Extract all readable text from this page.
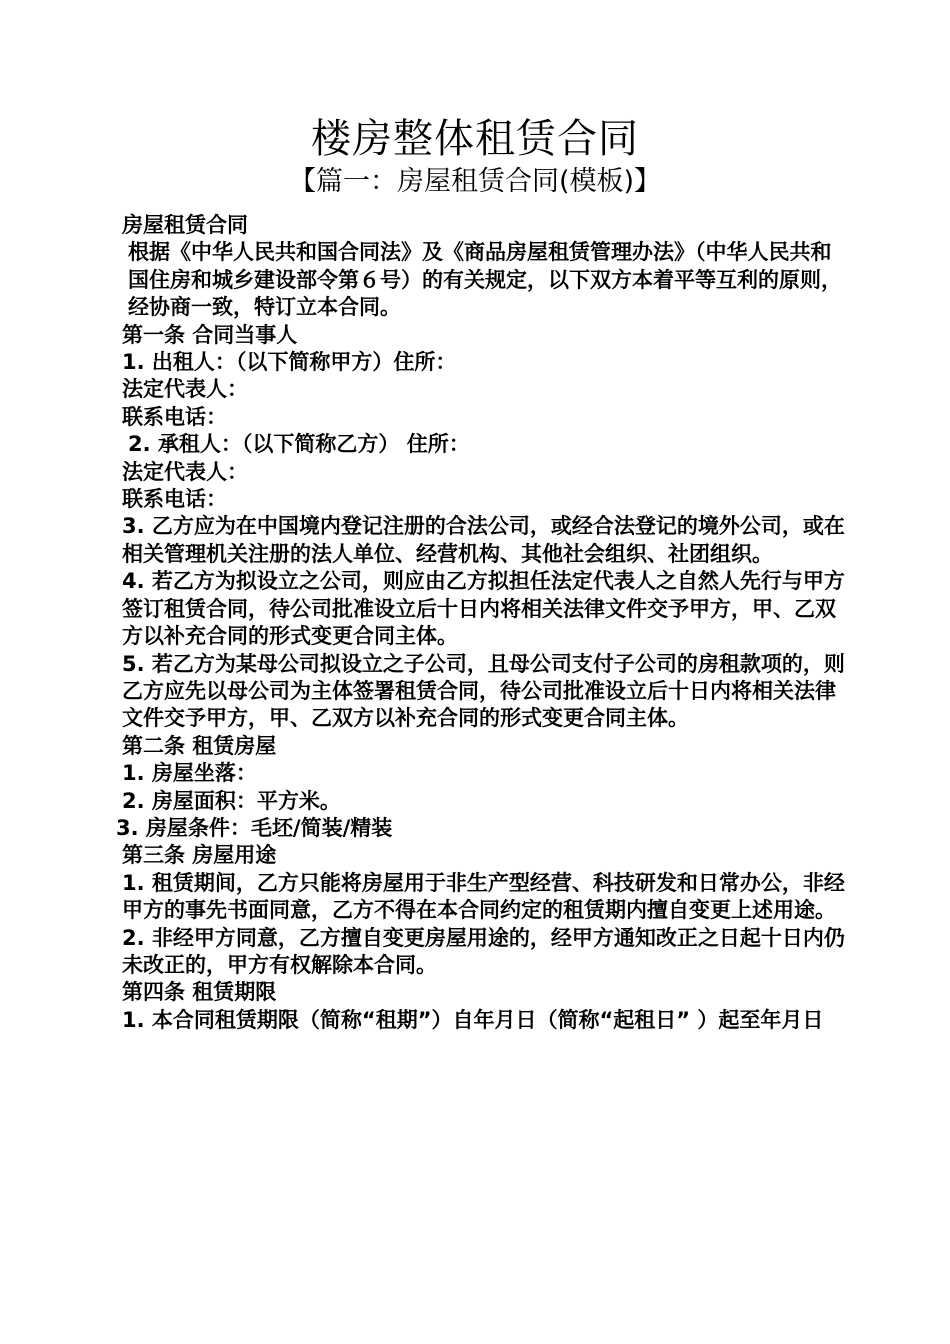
楼房整体租赁合同
【篇一：房屋租赁合同(模板)】

房屋租赁合同

根据《中华人民共和国合同法》及《商品房屋租赁管理办法》（中华人民共和国住房和城乡建设部令第６号）的有关规定，以下双方本着平等互利的原则，经协商一致，特订立本合同。

第一条 合同当事人

1. 出租人：（以下简称甲方）住所：

法定代表人：

联系电话：

2. 承租人：（以下简称乙方） 住所：

法定代表人：

联系电话：

3. 乙方应为在中国境内登记注册的合法公司，或经合法登记的境外公司，或在相关管理机关注册的法人单位、经营机构、其他社会组织、社团组织。

4. 若乙方为拟设立之公司，则应由乙方拟担任法定代表人之自然人先行与甲方签订租赁合同，待公司批准设立后十日内将相关法律文件交予甲方，甲、乙双方以补充合同的形式变更合同主体。

5. 若乙方为某母公司拟设立之子公司，且母公司支付子公司的房租款项的，则乙方应先以母公司为主体签署租赁合同，待公司批准设立后十日内将相关法律文件交予甲方，甲、乙双方以补充合同的形式变更合同主体。

第二条 租赁房屋

1. 房屋坐落：

2. 房屋面积：平方米。

3. 房屋条件：毛坯/简装/精装

第三条 房屋用途

1. 租赁期间，乙方只能将房屋用于非生产型经营、科技研发和日常办公，非经

甲方的事先书面同意，乙方不得在本合同约定的租赁期内擅自变更上述用途。

2. 非经甲方同意，乙方擅自变更房屋用途的，经甲方通知改正之日起十日内仍

未改正的，甲方有权解除本合同。

第四条 租赁期限

1. 本合同租赁期限（简称“租期”）自年月日（简称“起租日” ）起至年月日
